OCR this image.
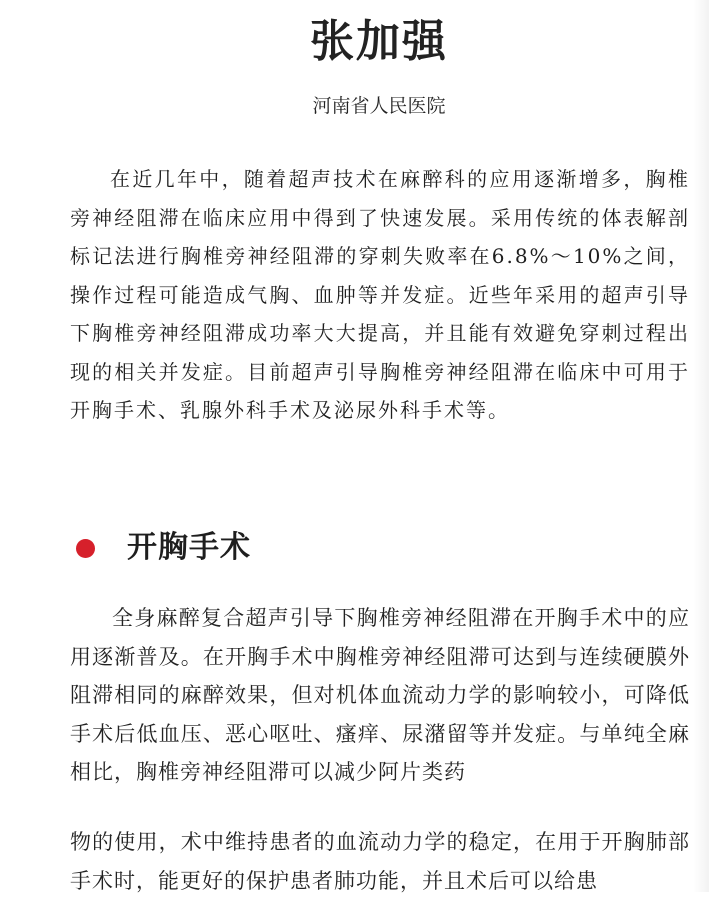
张加强
河南省人民医院

在近几年中，随着超声技术在麻醉科的应用逐渐增多，胸椎旁神经阻滞在临床应用中得到了快速发展。采用传统的体表解剖标记法进行胸椎旁神经阻滞的穿刺失败率在6.8%～10%之间，操作过程可能造成气胸、血肿等并发症。近些年采用的超声引导下胸椎旁神经阻滞成功率大大提高，并且能有效避免穿刺过程出现的相关并发症。目前超声引导胸椎旁神经阻滞在临床中可用于开胸手术、乳腺外科手术及泌尿外科手术等。

开胸手术

全身麻醉复合超声引导下胸椎旁神经阻滞在开胸手术中的应用逐渐普及。在开胸手术中胸椎旁神经阻滞可达到与连续硬膜外阻滞相同的麻醉效果，但对机体血流动力学的影响较小，可降低手术后低血压、恶心呕吐、瘙痒、尿潴留等并发症。与单纯全麻相比，胸椎旁神经阻滞可以减少阿片类药

物的使用，术中维持患者的血流动力学的稳定，在用于开胸肺部手术时，能更好的保护患者肺功能，并且术后可以给患
